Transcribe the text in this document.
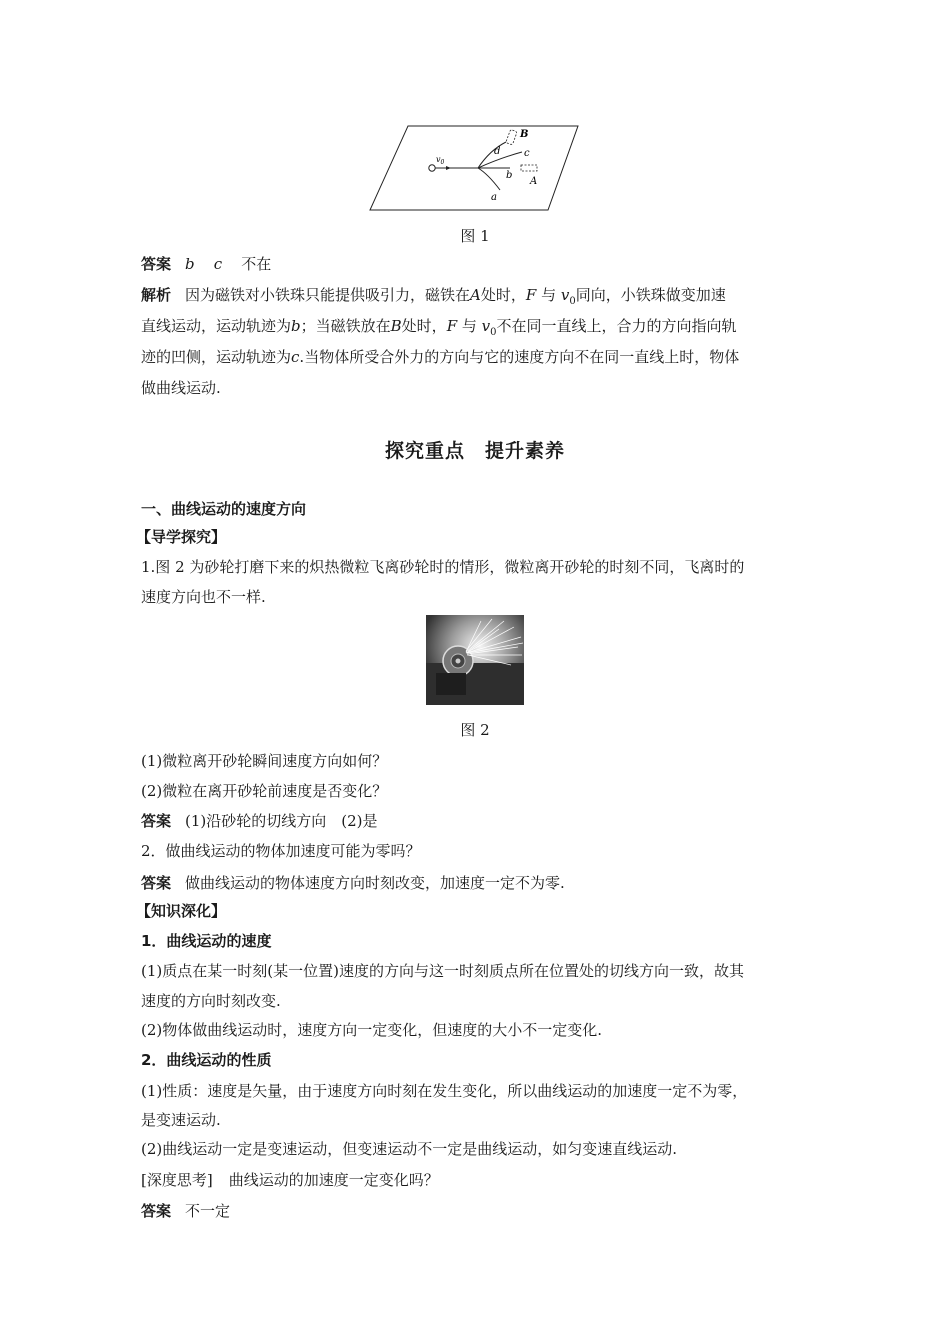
$v_0$
a
b
c
d
A
B
图 1
答案 b c 不在
解析 因为磁铁对小铁珠只能提供吸引力，磁铁在A处时，F 与 $v_0$同向，小铁珠做变加速
直线运动，运动轨迹为b；当磁铁放在B处时，F 与 $v_0$不在同一直线上，合力的方向指向轨
迹的凹侧，运动轨迹为c.当物体所受合外力的方向与它的速度方向不在同一直线上时，物体
做曲线运动.
探究重点　提升素养
一、曲线运动的速度方向
【导学探究】
1.图 2 为砂轮打磨下来的炽热微粒飞离砂轮时的情形，微粒离开砂轮的时刻不同，飞离时的
速度方向也不一样.
图 2
(1)微粒离开砂轮瞬间速度方向如何？
(2)微粒在离开砂轮前速度是否变化？
答案 (1)沿砂轮的切线方向　(2)是
2．做曲线运动的物体加速度可能为零吗？
答案 做曲线运动的物体速度方向时刻改变，加速度一定不为零.
【知识深化】
1．曲线运动的速度
(1)质点在某一时刻(某一位置)速度的方向与这一时刻质点所在位置处的切线方向一致，故其
速度的方向时刻改变.
(2)物体做曲线运动时，速度方向一定变化，但速度的大小不一定变化.
2．曲线运动的性质
(1)性质：速度是矢量，由于速度方向时刻在发生变化，所以曲线运动的加速度一定不为零，
是变速运动.
(2)曲线运动一定是变速运动，但变速运动不一定是曲线运动，如匀变速直线运动.
[深度思考] 曲线运动的加速度一定变化吗？
答案 不一定
